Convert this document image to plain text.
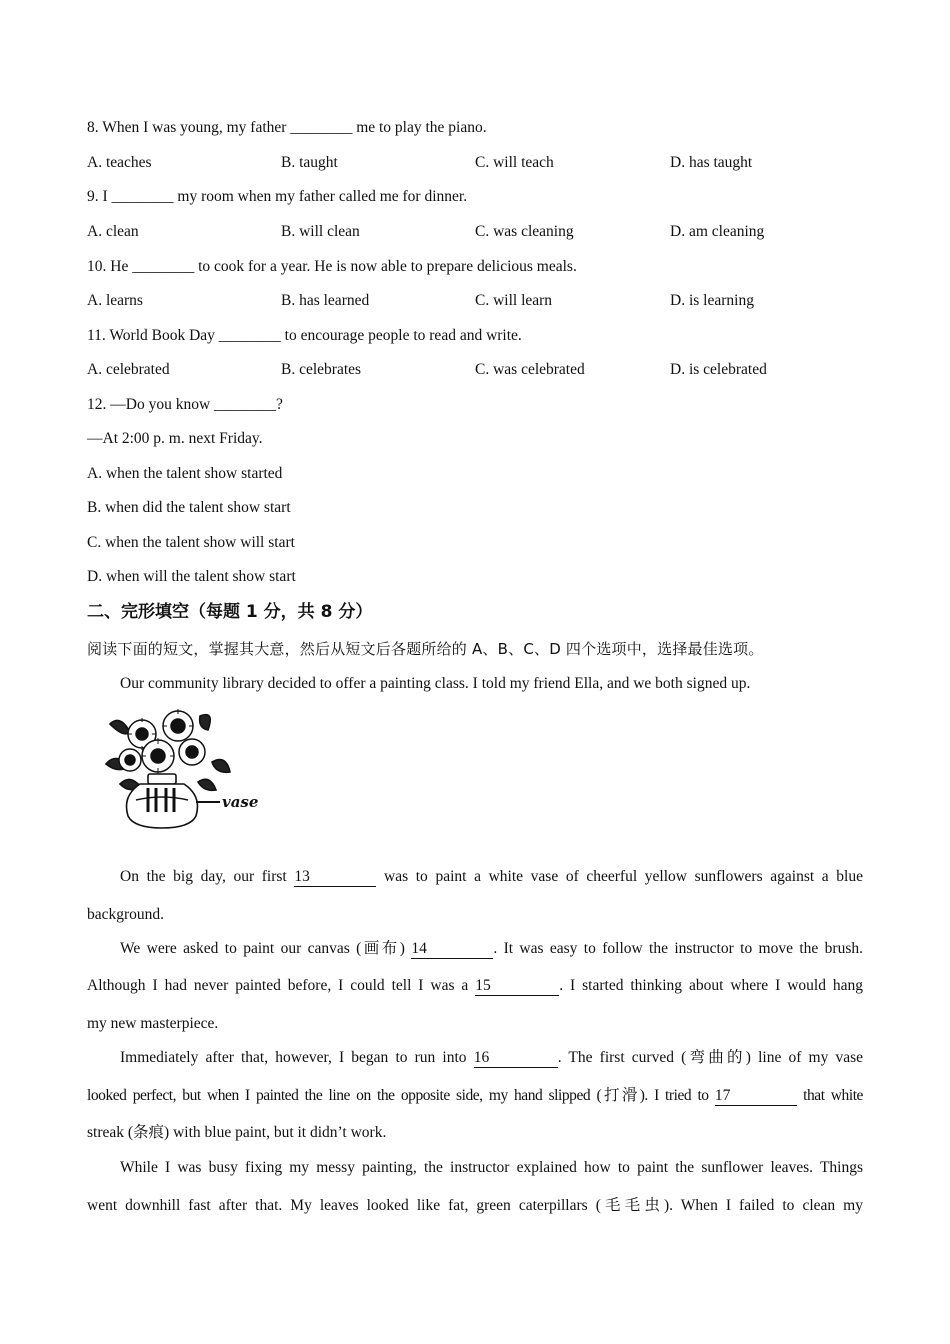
8. When I was young, my father ________ me to play the piano.
A. teaches	B. taught	C. will teach	D. has taught
9. I ________ my room when my father called me for dinner.
A. clean	B. will clean	C. was cleaning	D. am cleaning
10. He ________ to cook for a year. He is now able to prepare delicious meals.
A. learns	B. has learned	C. will learn	D. is learning
11. World Book Day ________ to encourage people to read and write.
A. celebrated	B. celebrates	C. was celebrated	D. is celebrated
12. —Do you know ________?
—At 2:00 p. m. next Friday.
A. when the talent show started
B. when did the talent show start
C. when the talent show will start
D. when will the talent show start
二、完形填空（每题 1 分，共 8 分）
阅读下面的短文，掌握其大意，然后从短文后各题所给的 A、B、C、D 四个选项中，选择最佳选项。
Our community library decided to offer a painting class. I told my friend Ella, and we both signed up.
vase
On the big day, our first 13	was to paint a white vase of cheerful yellow sunflowers against a blue
background.
We were asked to paint our canvas (画布) 14	. It was easy to follow the instructor to move the brush.
Although I had never painted before, I could tell I was a 15	. I started thinking about where I would hang
my new masterpiece.
Immediately after that, however, I began to run into 16	. The first curved (弯曲的) line of my vase
looked perfect, but when I painted the line on the opposite side, my hand slipped (打滑). I tried to 17	that white
streak (条痕) with blue paint, but it didn’t work.
While I was busy fixing my messy painting, the instructor explained how to paint the sunflower leaves. Things
went downhill fast after that. My leaves looked like fat, green caterpillars (毛毛虫). When I failed to clean my
